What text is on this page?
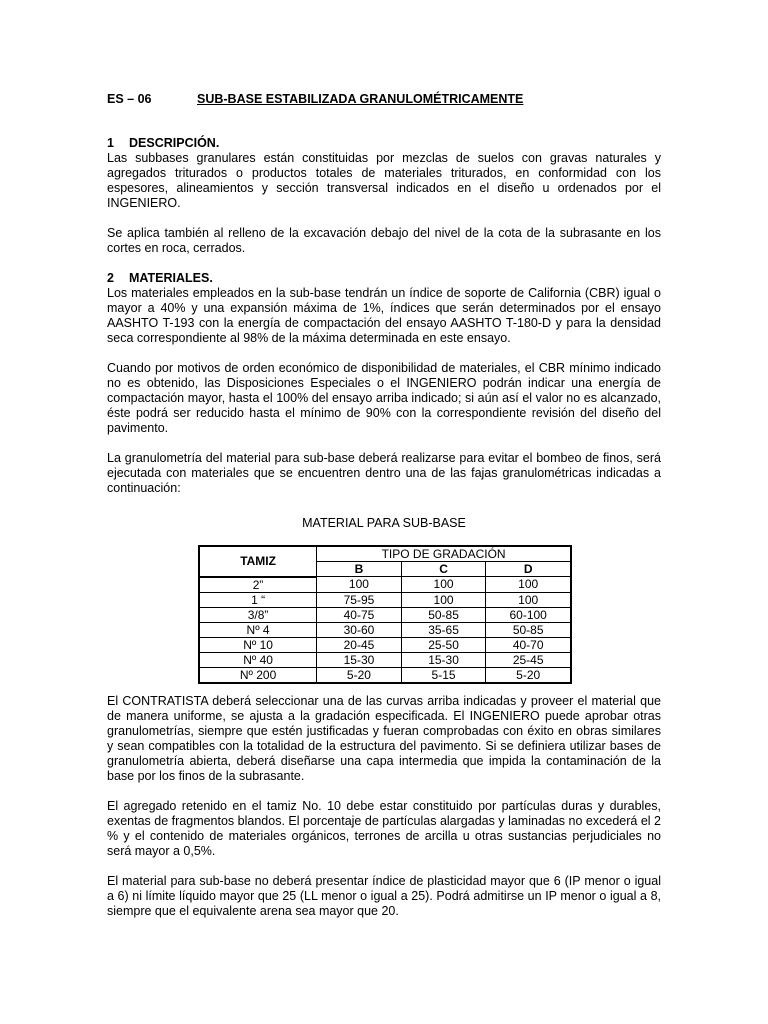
ES – 06	SUB-BASE ESTABILIZADA GRANULOMÉTRICAMENTE
1 DESCRIPCIÓN.

Las subbases granulares están constituidas por mezclas de suelos con gravas naturales y agregados triturados o productos totales de materiales triturados, en conformidad con los espesores, alineamientos y sección transversal indicados en el diseño u ordenados por el INGENIERO.

Se aplica también al relleno de la excavación debajo del nivel de la cota de la subrasante en los cortes en roca, cerrados.

2 MATERIALES.

Los materiales empleados en la sub-base tendrán un índice de soporte de California (CBR) igual o mayor a 40% y una expansión máxima de 1%, índices que serán determinados por el ensayo AASHTO T-193 con la energía de compactación del ensayo AASHTO T-180-D y para la densidad seca correspondiente al 98% de la máxima determinada en este ensayo.

Cuando por motivos de orden económico de disponibilidad de materiales, el CBR mínimo indicado no es obtenido, las Disposiciones Especiales o el INGENIERO podrán indicar una energía de compactación mayor, hasta el 100% del ensayo arriba indicado; si aún así el valor no es alcanzado, éste podrá ser reducido hasta el mínimo de 90% con la correspondiente revisión del diseño del pavimento.

La granulometría del material para sub-base deberá realizarse para evitar el bombeo de finos, será ejecutada con materiales que se encuentren dentro una de las fajas granulométricas indicadas a continuación:

MATERIAL PARA SUB-BASE
TAMIZ	TIPO DE GRADACIÓN		
	B	C	D
2”	100	100	100
1 “	75-95	100	100
3/8”	40-75	50-85	60-100
Nº 4	30-60	35-65	50-85
Nº 10	20-45	25-50	40-70
Nº 40	15-30	15-30	25-45
Nº 200	5-20	5-15	5-20

El CONTRATISTA deberá seleccionar una de las curvas arriba indicadas y proveer el material que de manera uniforme, se ajusta a la gradación especificada. El INGENIERO puede aprobar otras granulometrías, siempre que estén justificadas y fueran comprobadas con éxito en obras similares y sean compatibles con la totalidad de la estructura del pavimento. Si se definiera utilizar bases de granulometría abierta, deberá diseñarse una capa intermedia que impida la contaminación de la base por los finos de la subrasante.

El agregado retenido en el tamiz No. 10 debe estar constituido por partículas duras y durables, exentas de fragmentos blandos. El porcentaje de partículas alargadas y laminadas no excederá el 2 % y el contenido de materiales orgánicos, terrones de arcilla u otras sustancias perjudiciales no será mayor a 0,5%.

El material para sub-base no deberá presentar índice de plasticidad mayor que 6 (IP menor o igual a 6) ni límite líquido mayor que 25 (LL menor o igual a 25). Podrá admitirse un IP menor o igual a 8, siempre que el equivalente arena sea mayor que 20.
